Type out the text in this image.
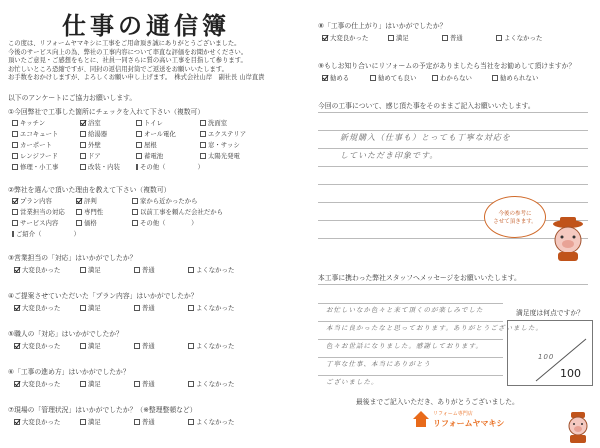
仕事の通信簿
この度は、リフォームヤマキシに工事をご用命頂き誠にありがとうございました。
今後のサービス向上の為、弊社の工事内容について率直な評価をお聞かせください。
頂いたご意見・ご感想をもとに、社員一同さらに質の高い工事を目指して参ります。
お忙しいところ恐縮ですが、同封の返信用封筒でご返送をお願いいたします。
お手数をおかけしますが、よろしくお願い申し上げます。　株式会社山岸　副社長 山岸直貴
以下のアンケートにご協力お願いします。
①今回弊社で工事した箇所にチェックを入れて下さい（複数可）
キッチン	浴室	トイレ	洗面室
エコキュート	給湯器	オール電化	エクステリア
カーポート	外壁	屋根	窓・サッシ
レンジフード	ドア	蓄電池	太陽光発電
修理・小工事	改装・内装	その他（　　　　　）
②弊社を選んで頂いた理由を教えて下さい（複数可）
プラン内容	評判	家から近かったから
営業担当の対応	専門性	以前工事を頼んだ会社だから
サービス内容	価格	その他（　　　　）
ご紹介（　　　　　）
③営業担当の「対応」はいかがでしたか？
大変良かった	満足	普通	よくなかった
④ご提案させていただいた「プラン内容」はいかがでしたか？
大変良かった	満足	普通	よくなかった
⑤職人の「対応」はいかがでしたか？
大変良かった	満足	普通	よくなかった
⑥「工事の進め方」はいかがでしたか？
大変良かった	満足	普通	よくなかった
⑦現場の「管理状況」はいかがでしたか？（※整理整頓など）
大変良かった	満足	普通	よくなかった
⑧「工事の仕上がり」はいかがでしたか？
大変良かった	満足	普通	よくなかった
⑨もしお知り合いにリフォームの予定がありましたら当社をお勧めして頂けますか？
勧める	勧めても良い	わからない	勧められない
今回の工事について、感じ頂た事をそのままご記入お願いいたします。
新規購入（仕事も）とっても丁寧な対応を
していただき印象です。
今後の参考に
させて頂きます。
本工事に携わった弊社スタッフへメッセージをお願いいたします。
お忙しいなか色々と来て頂くのが楽しみでした
本当に良かったなと思っております。ありがとうございました。
色々お世話になりました。感謝しております。
丁寧な仕事、本当にありがとう
ございました。
満足度は何点ですか？
100
100
最後までご記入いただき、ありがとうございました。
リフォーム専門店
リフォームヤマキシ
